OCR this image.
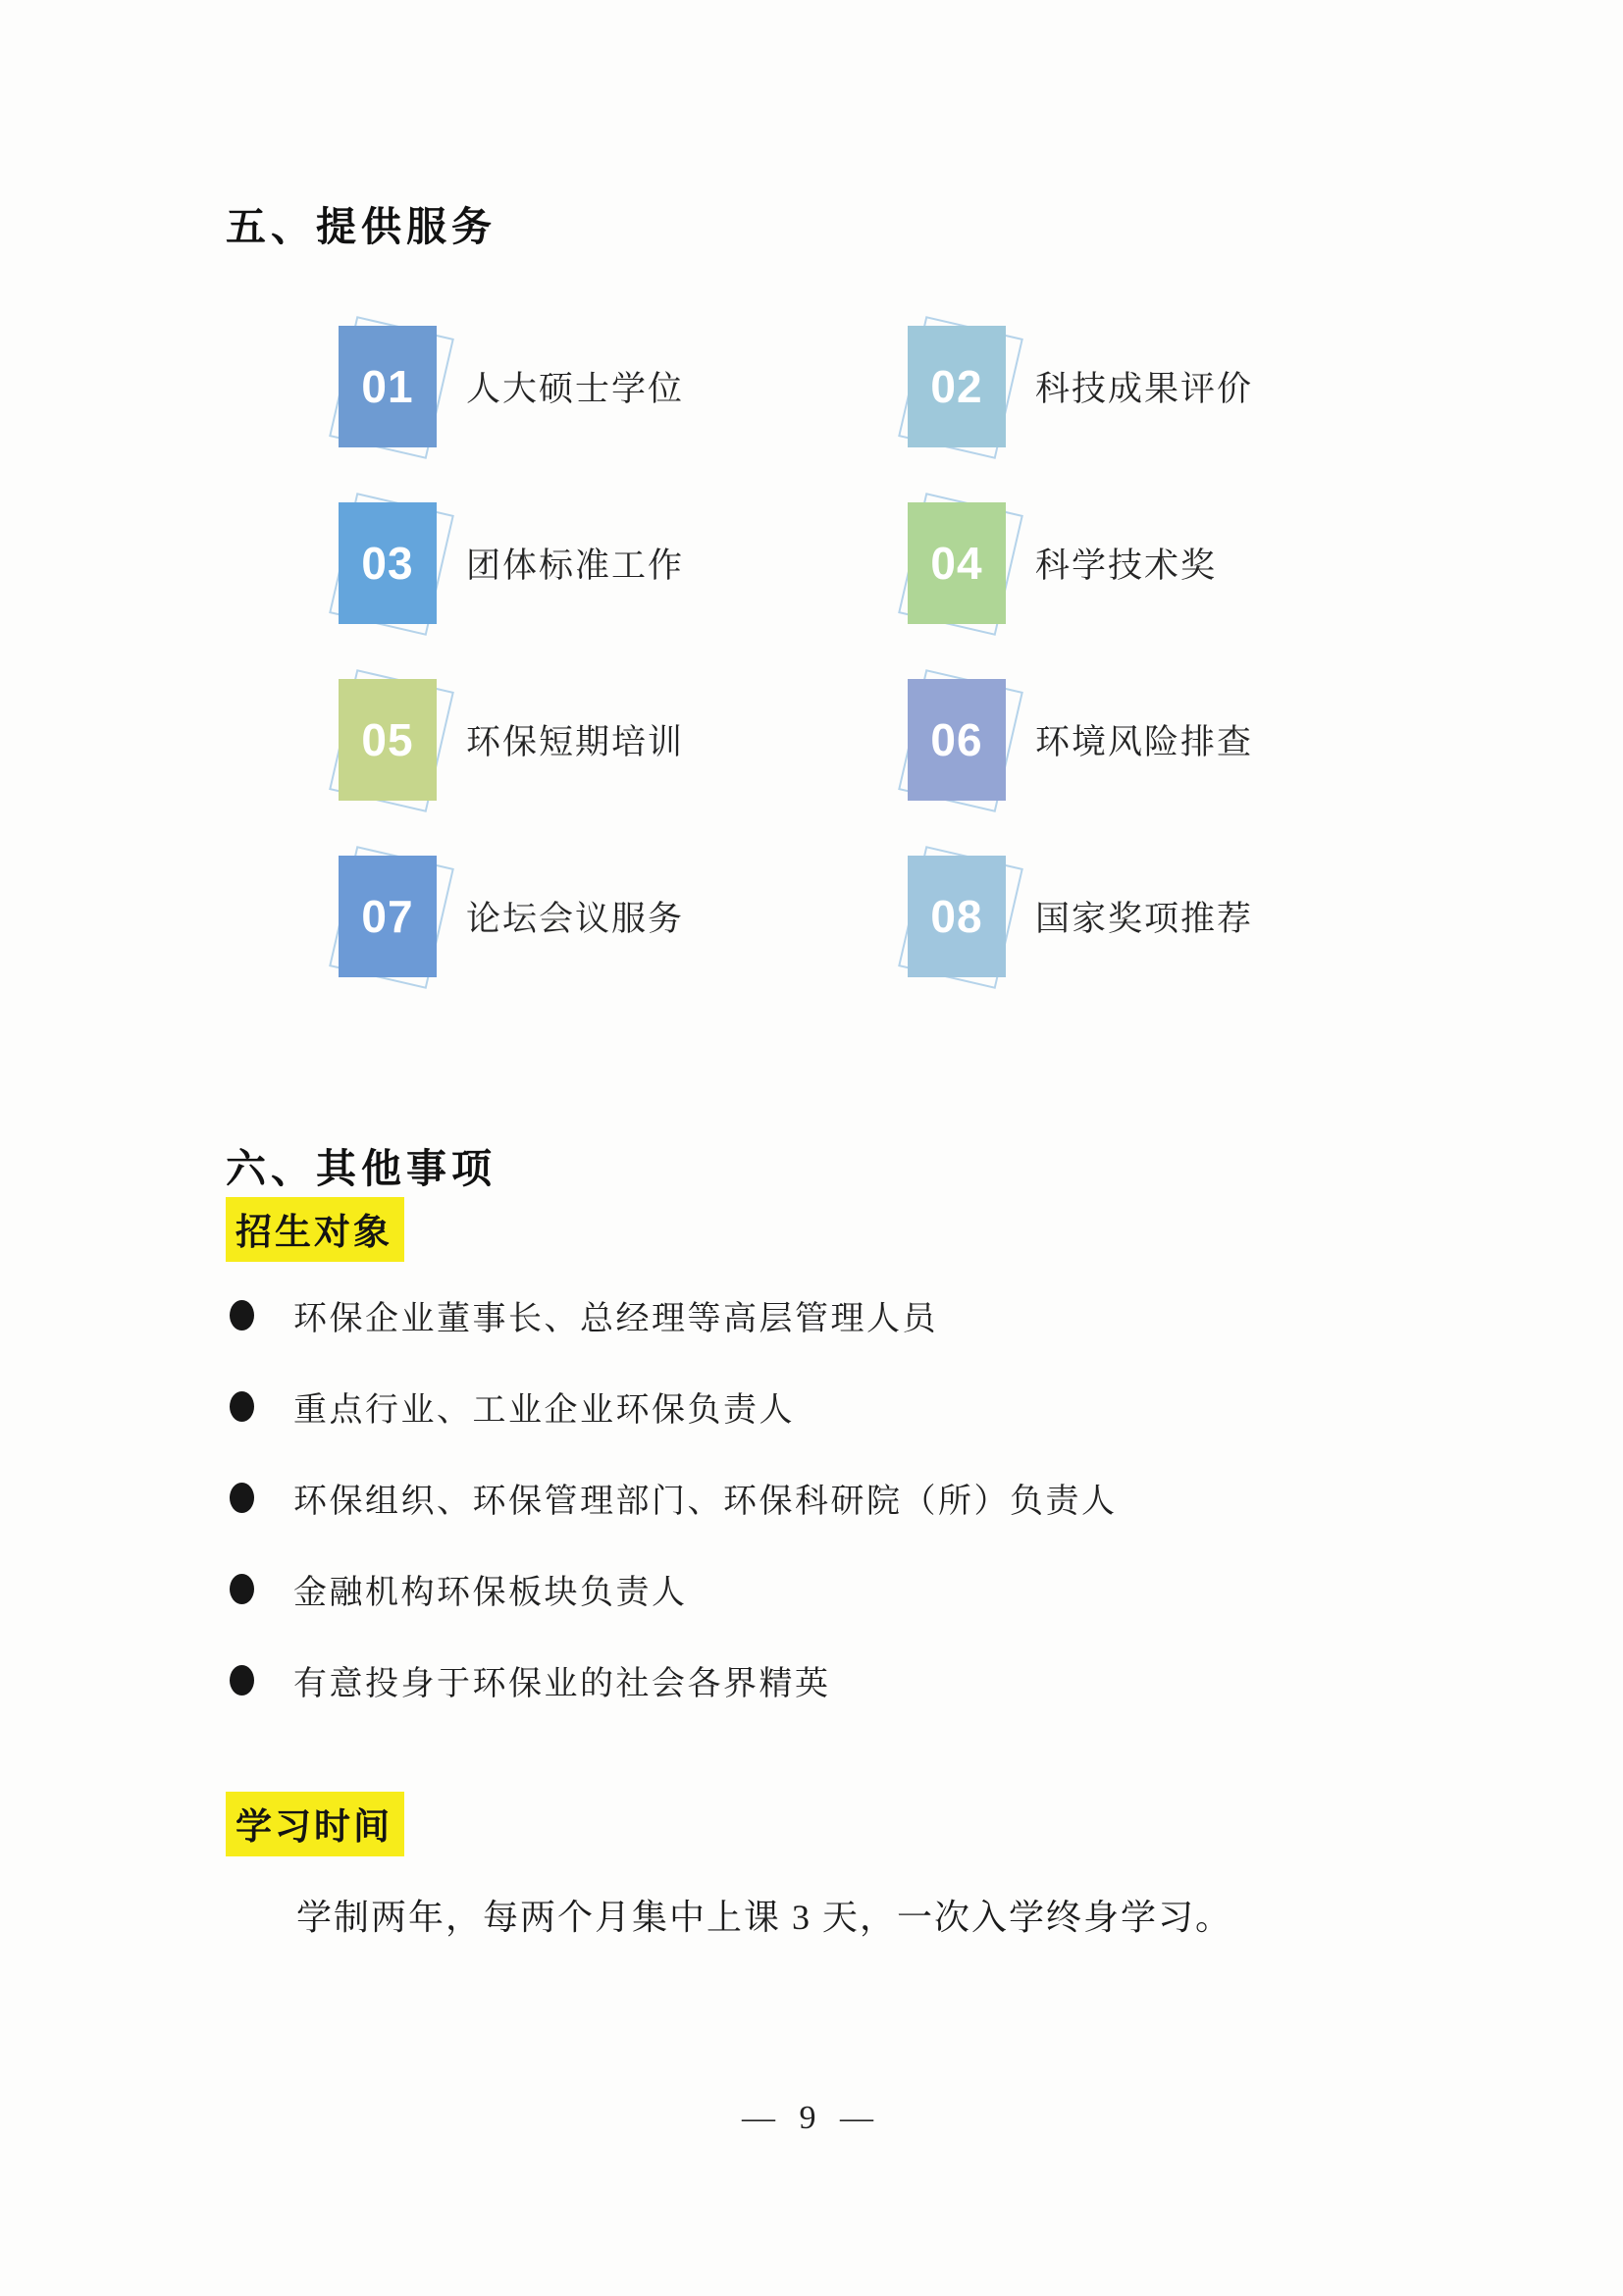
五、提供服务
01	人大硕士学位	02	科技成果评价
03	团体标准工作	04	科学技术奖
05	环保短期培训	06	环境风险排查
07	论坛会议服务	08	国家奖项推荐
六、其他事项

招生对象

环保企业董事长、总经理等高层管理人员
重点行业、工业企业环保负责人
环保组织、环保管理部门、环保科研院（所）负责人
金融机构环保板块负责人
有意投身于环保业的社会各界精英

学习时间

学制两年，每两个月集中上课 3 天，一次入学终身学习。

— 9 —
